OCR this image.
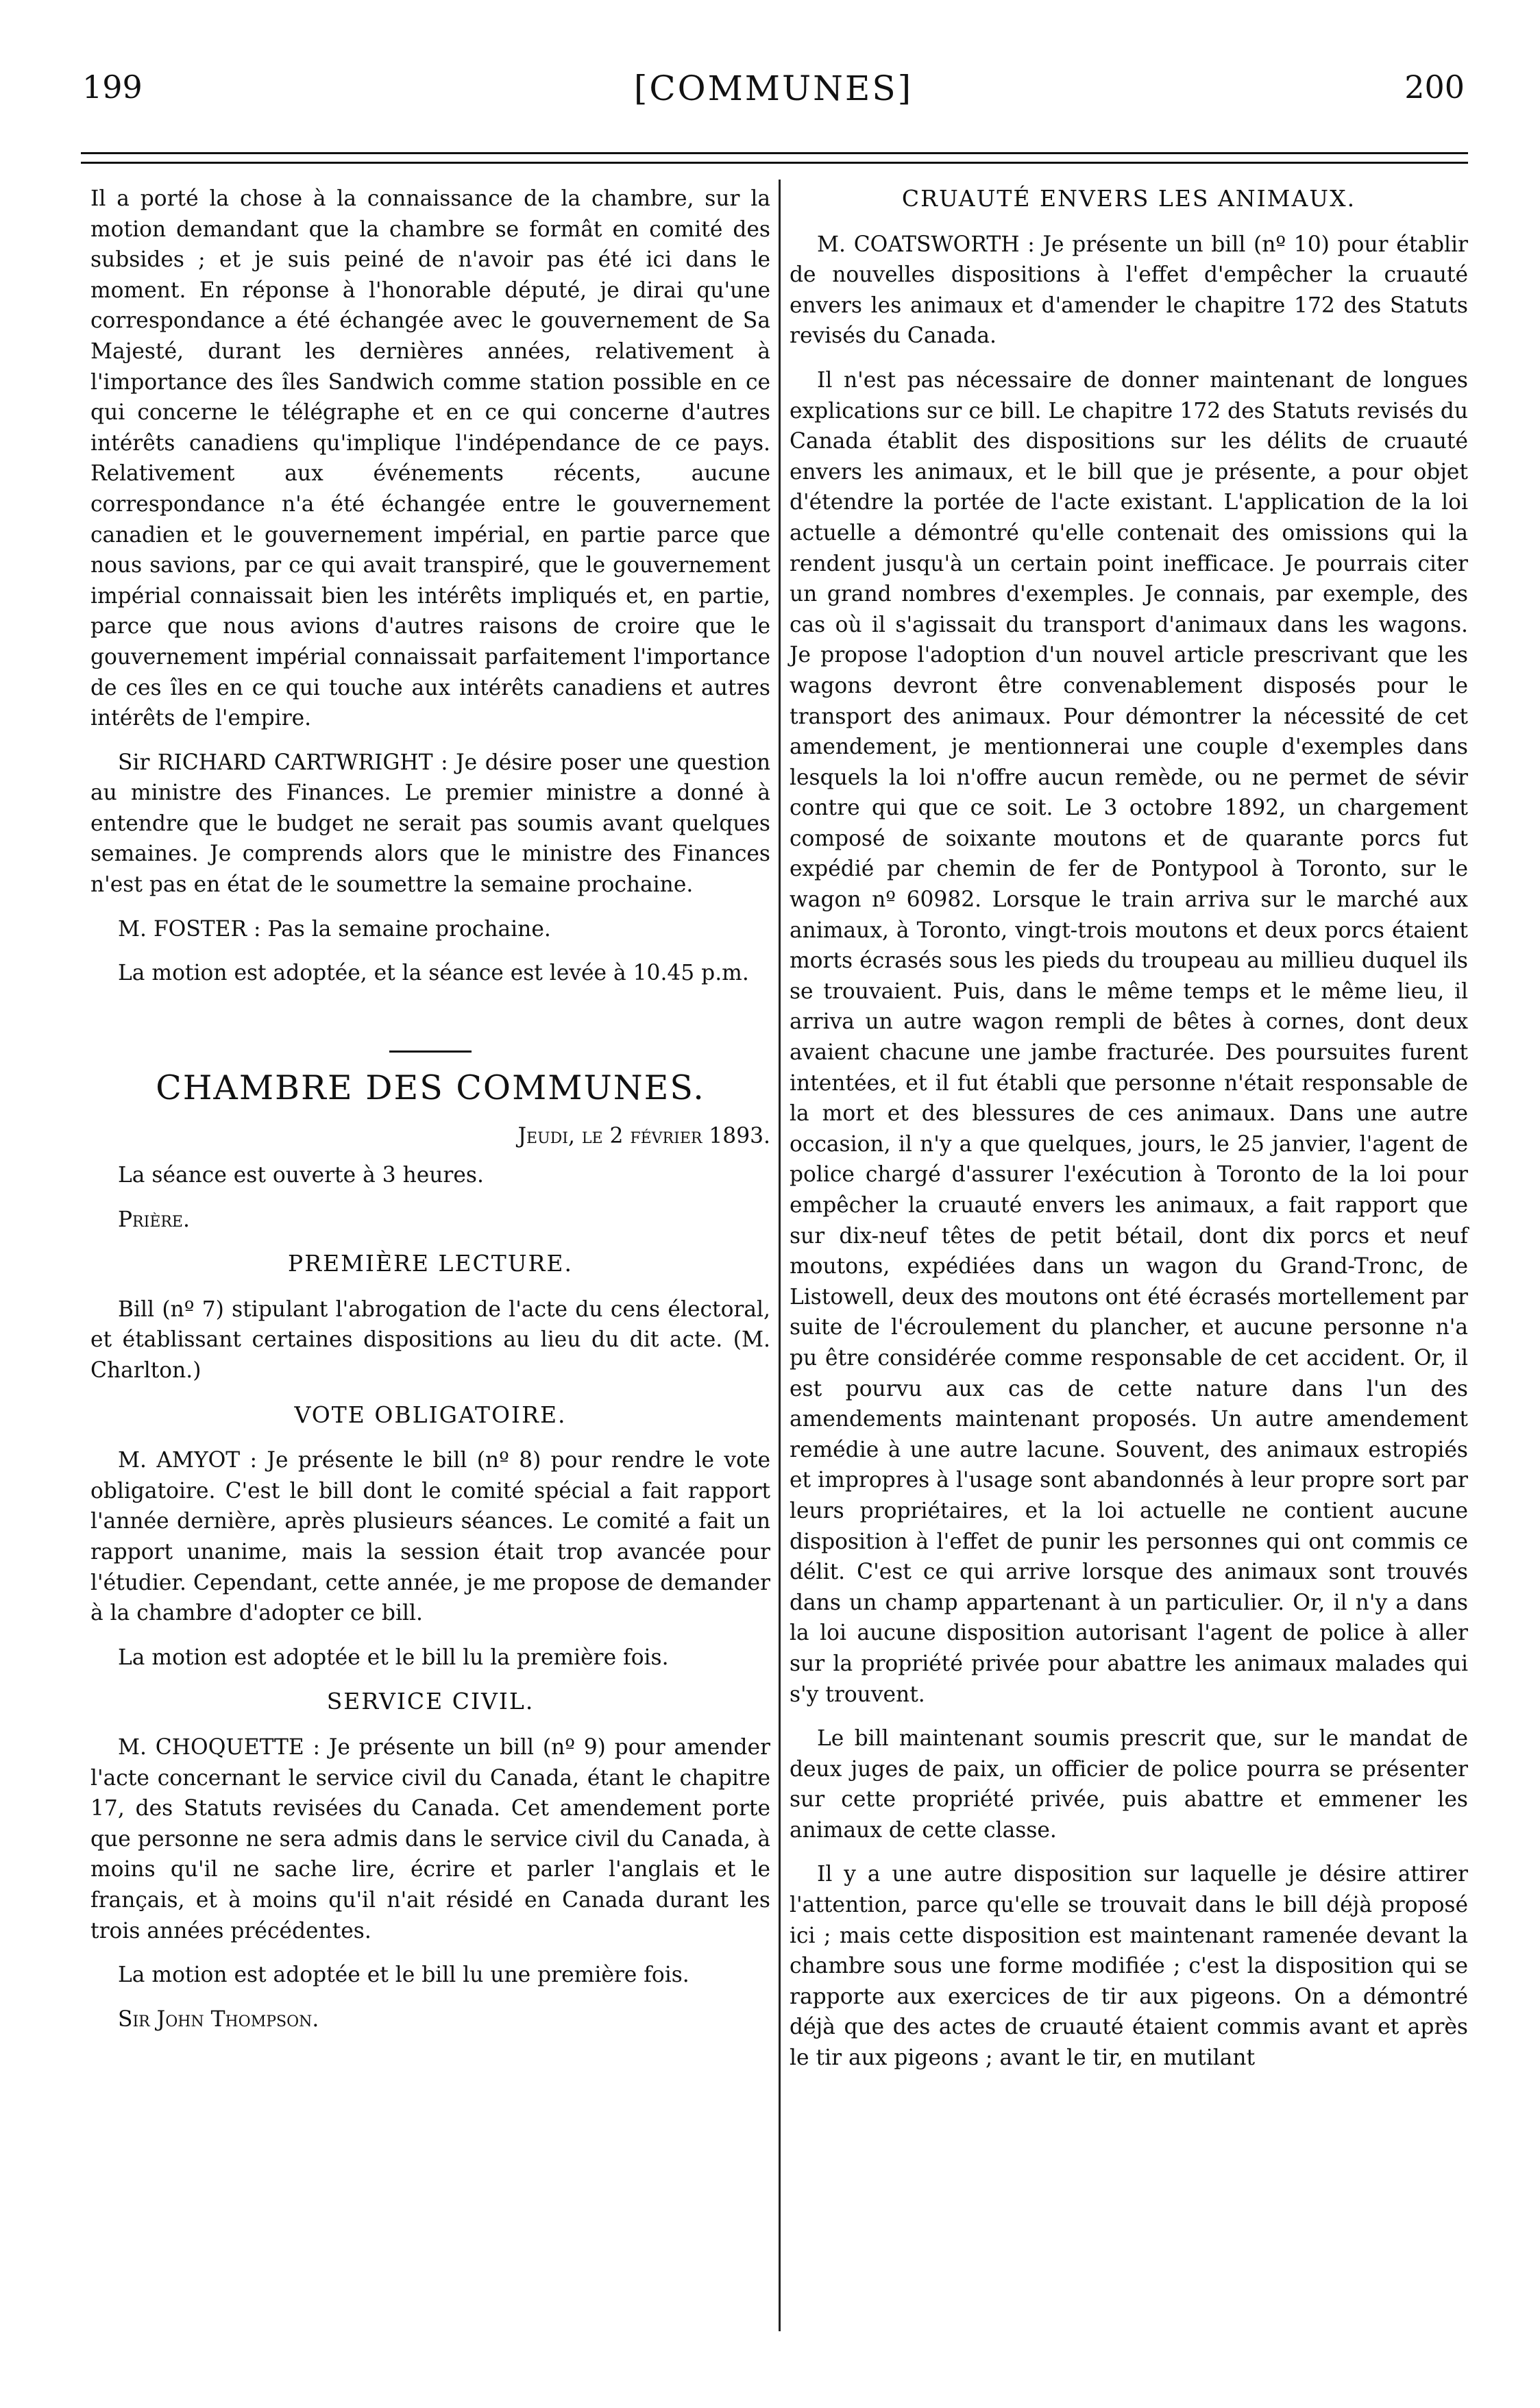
199	[COMMUNES]	200

Il a porté la chose à la connaissance de la chambre, sur la motion demandant que la chambre se formât en comité des subsides ; et je suis peiné de n'avoir pas été ici dans le moment. En réponse à l'honorable député, je dirai qu'une correspondance a été échangée avec le gouvernement de Sa Majesté, durant les dernières années, relativement à l'importance des îles Sandwich comme station possible en ce qui concerne le télégraphe et en ce qui concerne d'autres intérêts canadiens qu'implique l'indépendance de ce pays. Relativement aux événements récents, aucune correspondance n'a été échangée entre le gouvernement canadien et le gouvernement impérial, en partie parce que nous savions, par ce qui avait transpiré, que le gouvernement impérial connaissait bien les intérêts impliqués et, en partie, parce que nous avions d'autres raisons de croire que le gouvernement impérial connaissait parfaitement l'importance de ces îles en ce qui touche aux intérêts canadiens et autres intérêts de l'empire.

Sir RICHARD CARTWRIGHT : Je désire poser une question au ministre des Finances. Le premier ministre a donné à entendre que le budget ne serait pas soumis avant quelques semaines. Je comprends alors que le ministre des Finances n'est pas en état de le soumettre la semaine prochaine.

M. FOSTER : Pas la semaine prochaine.

La motion est adoptée, et la séance est levée à 10.45 p.m.

CHAMBRE DES COMMUNES.

Jeudi, le 2 février 1893.

La séance est ouverte à 3 heures.

Prière.

PREMIÈRE LECTURE.

Bill (nº 7) stipulant l'abrogation de l'acte du cens électoral, et établissant certaines dispositions au lieu du dit acte. (M. Charlton.)

VOTE OBLIGATOIRE.

M. AMYOT : Je présente le bill (nº 8) pour rendre le vote obligatoire. C'est le bill dont le comité spécial a fait rapport l'année dernière, après plusieurs séances. Le comité a fait un rapport unanime, mais la session était trop avancée pour l'étudier. Cependant, cette année, je me propose de demander à la chambre d'adopter ce bill.

La motion est adoptée et le bill lu la première fois.

SERVICE CIVIL.

M. CHOQUETTE : Je présente un bill (nº 9) pour amender l'acte concernant le service civil du Canada, étant le chapitre 17, des Statuts revisées du Canada. Cet amendement porte que personne ne sera admis dans le service civil du Canada, à moins qu'il ne sache lire, écrire et parler l'anglais et le français, et à moins qu'il n'ait résidé en Canada durant les trois années précédentes.

La motion est adoptée et le bill lu une première fois.

Sir John Thompson.

CRUAUTÉ ENVERS LES ANIMAUX.

M. COATSWORTH : Je présente un bill (nº 10) pour établir de nouvelles dispositions à l'effet d'empêcher la cruauté envers les animaux et d'amender le chapitre 172 des Statuts revisés du Canada.

Il n'est pas nécessaire de donner maintenant de longues explications sur ce bill. Le chapitre 172 des Statuts revisés du Canada établit des dispositions sur les délits de cruauté envers les animaux, et le bill que je présente, a pour objet d'étendre la portée de l'acte existant. L'application de la loi actuelle a démontré qu'elle contenait des omissions qui la rendent jusqu'à un certain point inefficace. Je pourrais citer un grand nombres d'exemples. Je connais, par exemple, des cas où il s'agissait du transport d'animaux dans les wagons. Je propose l'adoption d'un nouvel article prescrivant que les wagons devront être convenablement disposés pour le transport des animaux. Pour démontrer la nécessité de cet amendement, je mentionnerai une couple d'exemples dans lesquels la loi n'offre aucun remède, ou ne permet de sévir contre qui que ce soit. Le 3 octobre 1892, un chargement composé de soixante moutons et de quarante porcs fut expédié par chemin de fer de Pontypool à Toronto, sur le wagon nº 60982. Lorsque le train arriva sur le marché aux animaux, à Toronto, vingt-trois moutons et deux porcs étaient morts écrasés sous les pieds du troupeau au millieu duquel ils se trouvaient. Puis, dans le même temps et le même lieu, il arriva un autre wagon rempli de bêtes à cornes, dont deux avaient chacune une jambe fracturée. Des poursuites furent intentées, et il fut établi que personne n'était responsable de la mort et des blessures de ces animaux. Dans une autre occasion, il n'y a que quelques, jours, le 25 janvier, l'agent de police chargé d'assurer l'exécution à Toronto de la loi pour empêcher la cruauté envers les animaux, a fait rapport que sur dix-neuf têtes de petit bétail, dont dix porcs et neuf moutons, expédiées dans un wagon du Grand-Tronc, de Listowell, deux des moutons ont été écrasés mortellement par suite de l'écroulement du plancher, et aucune personne n'a pu être considérée comme responsable de cet accident. Or, il est pourvu aux cas de cette nature dans l'un des amendements maintenant proposés. Un autre amendement remédie à une autre lacune. Souvent, des animaux estropiés et impropres à l'usage sont abandonnés à leur propre sort par leurs propriétaires, et la loi actuelle ne contient aucune disposition à l'effet de punir les personnes qui ont commis ce délit. C'est ce qui arrive lorsque des animaux sont trouvés dans un champ appartenant à un particulier. Or, il n'y a dans la loi aucune disposition autorisant l'agent de police à aller sur la propriété privée pour abattre les animaux malades qui s'y trouvent.

Le bill maintenant soumis prescrit que, sur le mandat de deux juges de paix, un officier de police pourra se présenter sur cette propriété privée, puis abattre et emmener les animaux de cette classe.

Il y a une autre disposition sur laquelle je désire attirer l'attention, parce qu'elle se trouvait dans le bill déjà proposé ici ; mais cette disposition est maintenant ramenée devant la chambre sous une forme modifiée ; c'est la disposition qui se rapporte aux exercices de tir aux pigeons. On a démontré déjà que des actes de cruauté étaient commis avant et après le tir aux pigeons ; avant le tir, en mutilant
